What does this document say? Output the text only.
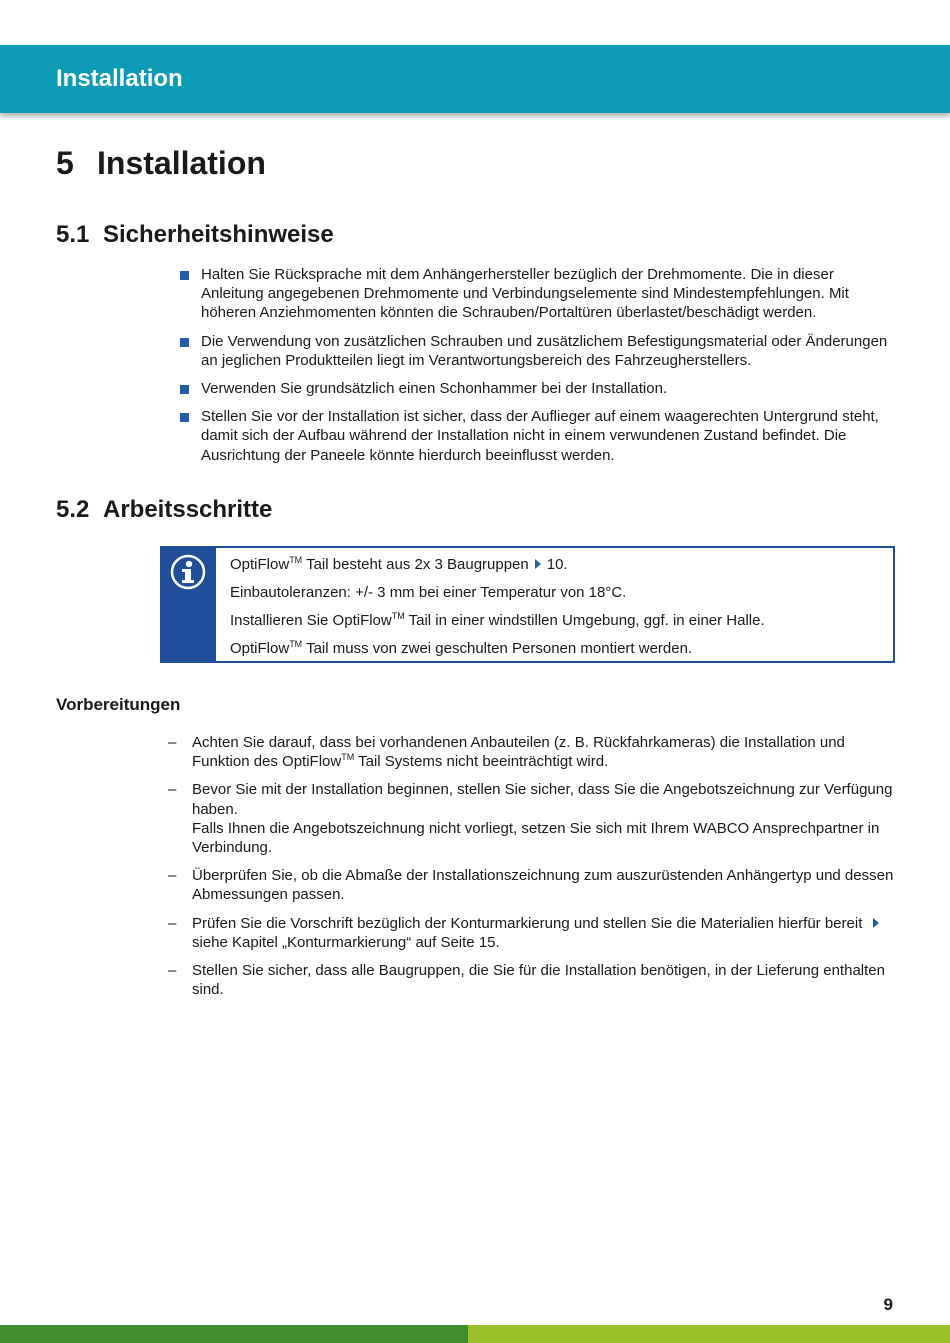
Installation
5 Installation
5.1 Sicherheitshinweise
Halten Sie Rücksprache mit dem Anhängerhersteller bezüglich der Drehmomente. Die in dieser Anleitung angegebenen Drehmomente und Verbindungselemente sind Mindestempfehlungen. Mit höheren Anziehmomenten könnten die Schrauben/Portaltüren überlastet/beschädigt werden.
Die Verwendung von zusätzlichen Schrauben und zusätzlichem Befestigungsmaterial oder Änderungen an jeglichen Produktteilen liegt im Verantwortungsbereich des Fahrzeugherstellers.
Verwenden Sie grundsätzlich einen Schonhammer bei der Installation.
Stellen Sie vor der Installation ist sicher, dass der Auflieger auf einem waagerechten Untergrund steht, damit sich der Aufbau während der Installation nicht in einem verwundenen Zustand befindet. Die Ausrichtung der Paneele könnte hierdurch beeinflusst werden.
5.2 Arbeitsschritte
OptiFlow™ Tail besteht aus 2x 3 Baugruppen 10.
Einbautoleranzen: +/- 3 mm bei einer Temperatur von 18°C.
Installieren Sie OptiFlow™ Tail in einer windstillen Umgebung, ggf. in einer Halle.
OptiFlow™ Tail muss von zwei geschulten Personen montiert werden.
Vorbereitungen
– Achten Sie darauf, dass bei vorhandenen Anbauteilen (z. B. Rückfahrkameras) die Installation und Funktion des OptiFlow™ Tail Systems nicht beeinträchtigt wird.
– Bevor Sie mit der Installation beginnen, stellen Sie sicher, dass Sie die Angebotszeichnung zur Verfügung haben.
Falls Ihnen die Angebotszeichnung nicht vorliegt, setzen Sie sich mit Ihrem WABCO Ansprechpartner in Verbindung.
– Überprüfen Sie, ob die Abmaße der Installationszeichnung zum auszurüstenden Anhängertyp und dessen Abmessungen passen.
– Prüfen Sie die Vorschrift bezüglich der Konturmarkierung und stellen Sie die Materialien hierfür bereit siehe Kapitel „Konturmarkierung“ auf Seite 15.
– Stellen Sie sicher, dass alle Baugruppen, die Sie für die Installation benötigen, in der Lieferung enthalten sind.
9
